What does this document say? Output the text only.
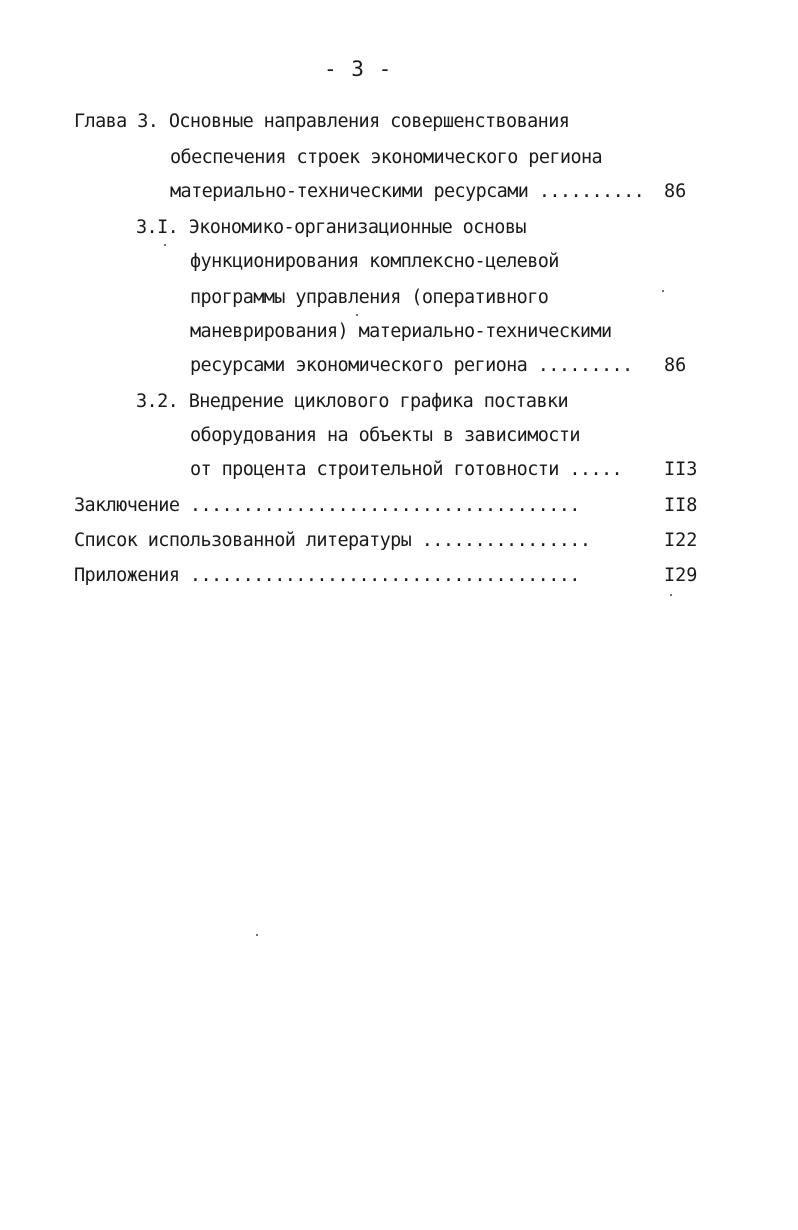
- 3 -
Глава 3. Основные направления совершенствования
обеспечения строек экономического региона
материально-техническими ресурсами .......... 86
3.I. Экономико-организационные основы
функционирования комплексно-целевой
программы управления (оперативного
маневрирования) материально-техническими
ресурсами экономического региона ......... 86
3.2. Внедрение циклового графика поставки
оборудования на объекты в зависимости
от процента строительной готовности ..... II3
Заключение .....................................	II8
Список использованной литературы ................	I22
Приложения .....................................	I29
